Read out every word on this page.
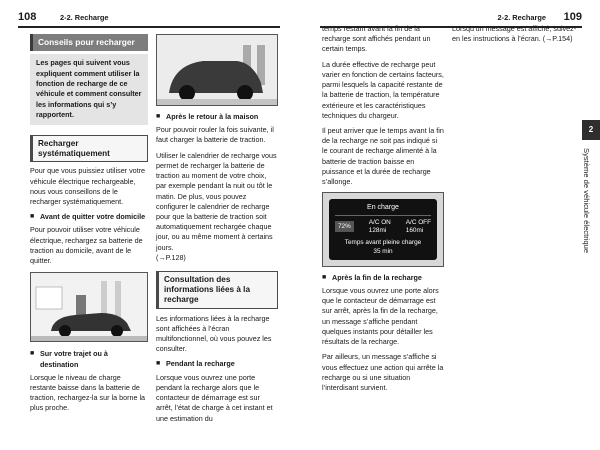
108	2-2. Recharge	2-2. Recharge 109
Conseils pour recharger
Les pages qui suivent vous expliquent comment utiliser la fonction de recharge de ce véhicule et comment consulter les informations qui s’y rapportent.
Recharger systématiquement

Pour que vous puissiez utiliser votre véhicule électrique rechargeable, nous vous conseillons de le recharger systématiquement.

■ Avant de quitter votre domicile

Pour pouvoir utiliser votre véhicule électrique, rechargez sa batterie de traction au domicile, avant de le quitter.

■ Sur votre trajet ou à destination

Lorsque le niveau de charge restante baisse dans la batterie de traction, rechargez-la sur la borne la plus proche.

■ Après le retour à la maison

Pour pouvoir rouler la fois suivante, il faut charger la batterie de traction.

Utiliser le calendrier de recharge vous permet de recharger la batterie de traction au moment de votre choix, par exemple pendant la nuit ou tôt le matin. De plus, vous pouvez configurer le calendrier de recharge pour que la batterie de traction soit automatiquement rechargée chaque jour, ou au même moment à certains jours.
(→P.128)

Consultation des informations liées à la recharge

Les informations liées à la recharge sont affichées à l’écran multifonctionnel, où vous pouvez les consulter.

■ Pendant la recharge

Lorsque vous ouvrez une porte pendant la recharge alors que le contacteur de démarrage est sur arrêt, l’état de charge à cet instant et une estimation du

temps restant avant la fin de la recharge sont affichés pendant un certain temps.

La durée effective de recharge peut varier en fonction de certains facteurs, parmi lesquels la capacité restante de la batterie de traction, la température extérieure et les caractéristiques techniques du chargeur.

Il peut arriver que le temps avant la fin de la recharge ne soit pas indiqué si le courant de recharge alimenté à la batterie de traction baisse en puissance et la durée de recharge s’allonge.

En charge
72%
A/C ON
128mi
A/C OFF
160mi
Temps avant pleine charge
35 min
■ Après la fin de la recharge

Lorsque vous ouvrez une porte alors que le contacteur de démarrage est sur arrêt, après la fin de la recharge, un message s’affiche pendant quelques instants pour détailler les résultats de la recharge.

Par ailleurs, un message s’affiche si vous effectuez une action qui arrête la recharge ou si une situation l’interdisant survient.

Lorsqu’un message est affiché, suivez-en les instructions à l’écran. (→P.154)

2
Système de véhicule électrique
